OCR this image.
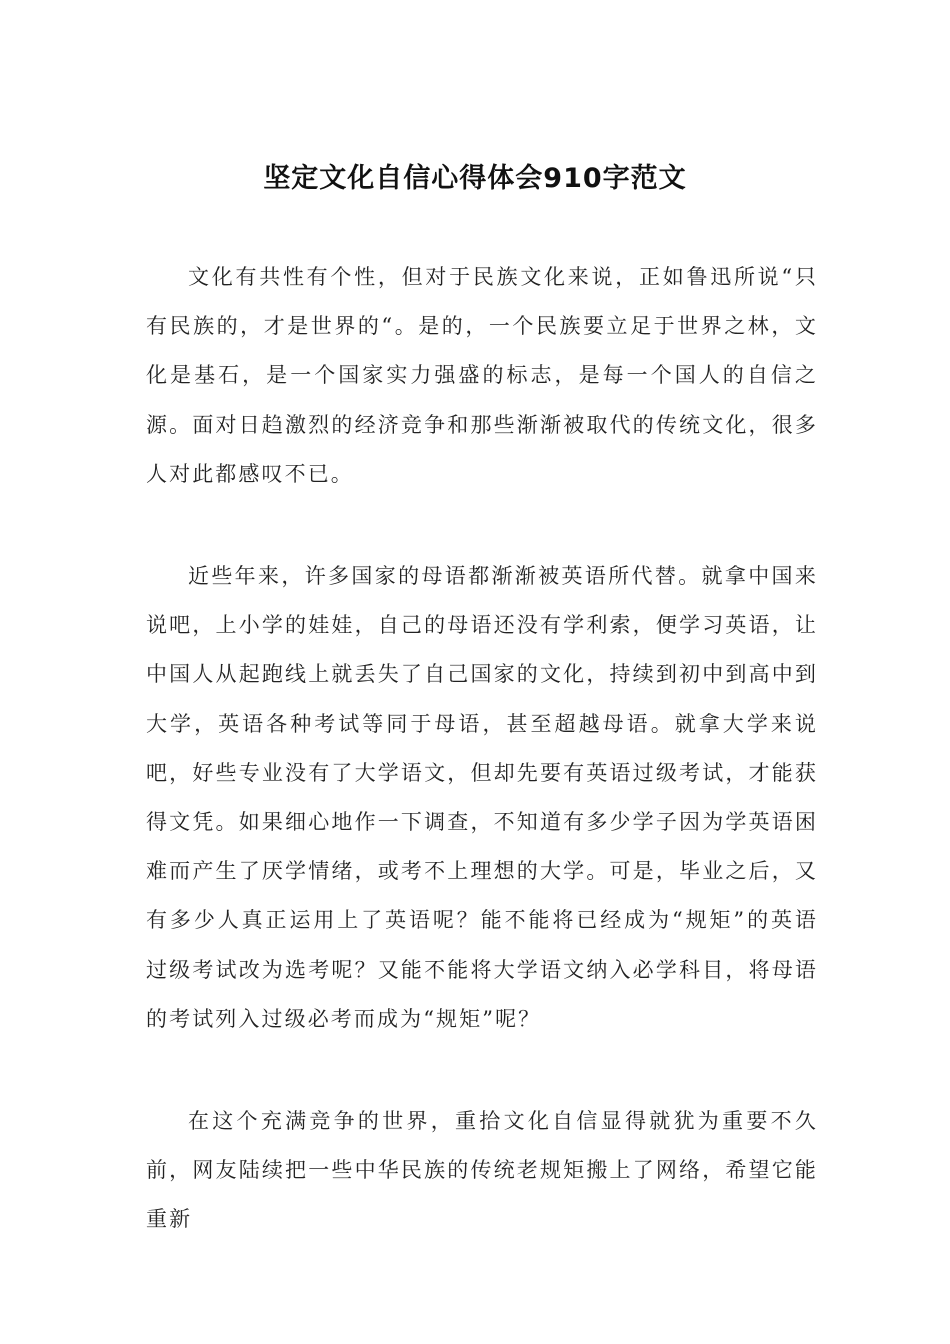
坚定文化自信心得体会910字范文

文化有共性有个性，但对于民族文化来说，正如鲁迅所说“只有民族的，才是世界的“。是的，一个民族要立足于世界之林，文化是基石，是一个国家实力强盛的标志，是每一个国人的自信之源。面对日趋激烈的经济竞争和那些渐渐被取代的传统文化，很多人对此都感叹不已。

近些年来，许多国家的母语都渐渐被英语所代替。就拿中国来说吧，上小学的娃娃，自己的母语还没有学利索，便学习英语，让中国人从起跑线上就丢失了自己国家的文化，持续到初中到高中到大学，英语各种考试等同于母语，甚至超越母语。就拿大学来说吧，好些专业没有了大学语文，但却先要有英语过级考试，才能获得文凭。如果细心地作一下调查，不知道有多少学子因为学英语困难而产生了厌学情绪，或考不上理想的大学。可是，毕业之后，又有多少人真正运用上了英语呢？能不能将已经成为“规矩”的英语过级考试改为选考呢？又能不能将大学语文纳入必学科目，将母语的考试列入过级必考而成为“规矩”呢？

在这个充满竞争的世界，重拾文化自信显得就犹为重要不久前，网友陆续把一些中华民族的传统老规矩搬上了网络，希望它能重新
